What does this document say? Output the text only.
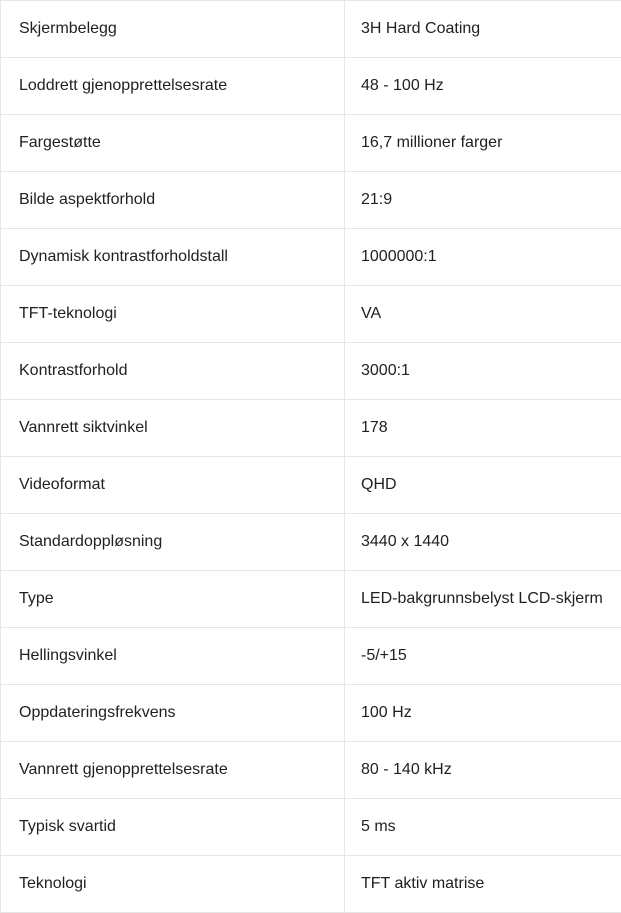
Skjermbelegg	3H Hard Coating
Loddrett gjenopprettelsesrate	48 - 100 Hz
Fargestøtte	16,7 millioner farger
Bilde aspektforhold	21:9
Dynamisk kontrastforholdstall	1000000:1
TFT-teknologi	VA
Kontrastforhold	3000:1
Vannrett siktvinkel	178
Videoformat	QHD
Standardoppløsning	3440 x 1440
Type	LED-bakgrunnsbelyst LCD-skjerm
Hellingsvinkel	-5/+15
Oppdateringsfrekvens	100 Hz
Vannrett gjenopprettelsesrate	80 - 140 kHz
Typisk svartid	5 ms
Teknologi	TFT aktiv matrise
